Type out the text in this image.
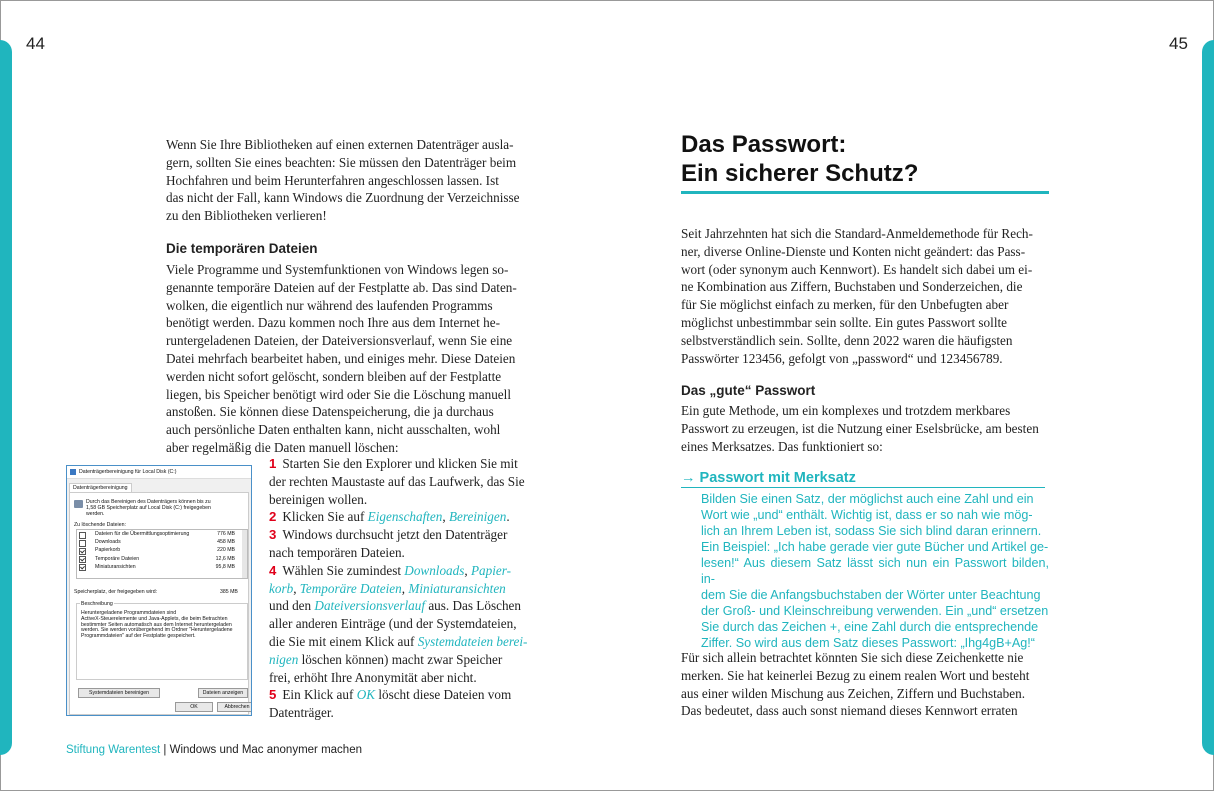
44	45

Wenn Sie Ihre Bibliotheken auf einen externen Datenträger ausla-

gern, sollten Sie eines beachten: Sie müssen den Datenträger beim

Hochfahren und beim Herunterfahren angeschlossen lassen. Ist

das nicht der Fall, kann Windows die Zuordnung der Verzeichnisse

zu den Bibliotheken verlieren!

Die temporären Dateien

Viele Programme und Systemfunktionen von Windows legen so-

genannte temporäre Dateien auf der Festplatte ab. Das sind Daten-

wolken, die eigentlich nur während des laufenden Programms

benötigt werden. Dazu kommen noch Ihre aus dem Internet he-

runtergeladenen Dateien, der Dateiversionsverlauf, wenn Sie eine

Datei mehrfach bearbeitet haben, und einiges mehr. Diese Dateien

werden nicht sofort gelöscht, sondern bleiben auf der Festplatte

liegen, bis Speicher benötigt wird oder Sie die Löschung manuell

anstoßen. Sie können diese Datenspeicherung, die ja durchaus

auch persönliche Daten enthalten kann, nicht ausschalten, wohl

aber regelmäßig die Daten manuell löschen:

1 Starten Sie den Explorer und klicken Sie mit

der rechten Maustaste auf das Laufwerk, das Sie

bereinigen wollen.

2 Klicken Sie auf Eigenschaften, Bereinigen.

3 Windows durchsucht jetzt den Datenträger

nach temporären Dateien.

4 Wählen Sie zumindest Downloads, Papier-

korb, Temporäre Dateien, Miniaturansichten

und den Dateiversionsverlauf aus. Das Löschen

aller anderen Einträge (und der Systemdateien,

die Sie mit einem Klick auf Systemdateien berei-

nigen löschen können) macht zwar Speicher

frei, erhöht Ihre Anonymität aber nicht.

5 Ein Klick auf OK löscht diese Dateien vom

Datenträger.

Datenträgerbereinigung für Local Disk (C:)
Datenträgerbereinigung
Durch das Bereinigen des Datenträgers können bis zu
1,58 GB Speicherplatz auf Local Disk (C:) freigegeben
werden.
Zu löschende Dateien:
Dateien für die Übermittlungsoptimierung	776 MB
Downloads	458 MB
Papierkorb	220 MB
Temporäre Dateien	12,6 MB
Miniaturansichten	95,8 MB
Speicherplatz, der freigegeben wird:	385 MB
Beschreibung
Heruntergeladene Programmdateien sind
ActiveX-Steuerelemente und Java-Applets, die beim Betrachten
bestimmter Seiten automatisch aus dem Internet heruntergeladen
werden. Sie werden vorübergehend im Ordner "Heruntergeladene
Programmdateien" auf der Festplatte gespeichert.
Systemdateien bereinigen	Dateien anzeigen
OK	Abbrechen
Das Passwort:
Ein sicherer Schutz?

Seit Jahrzehnten hat sich die Standard-Anmeldemethode für Rech-

ner, diverse Online-Dienste und Konten nicht geändert: das Pass-

wort (oder synonym auch Kennwort). Es handelt sich dabei um ei-

ne Kombination aus Ziffern, Buchstaben und Sonderzeichen, die

für Sie möglichst einfach zu merken, für den Unbefugten aber

möglichst unbestimmbar sein sollte. Ein gutes Passwort sollte

selbstverständlich sein. Sollte, denn 2022 waren die häufigsten

Passwörter 123456, gefolgt von „password“ und 123456789.

Das „gute“ Passwort

Ein gute Methode, um ein komplexes und trotzdem merkbares

Passwort zu erzeugen, ist die Nutzung einer Eselsbrücke, am besten

eines Merksatzes. Das funktioniert so:

→ Passwort mit Merksatz
Bilden Sie einen Satz, der möglichst auch eine Zahl und ein
Wort wie „und“ enthält. Wichtig ist, dass er so nah wie mög-
lich an Ihrem Leben ist, sodass Sie sich blind daran erinnern.
Ein Beispiel: „Ich habe gerade vier gute Bücher und Artikel ge-
lesen!“ Aus diesem Satz lässt sich nun ein Passwort bilden, in-
dem Sie die Anfangsbuchstaben der Wörter unter Beachtung
der Groß- und Kleinschreibung verwenden. Ein „und“ ersetzen
Sie durch das Zeichen +, eine Zahl durch die entsprechende
Ziffer. So wird aus dem Satz dieses Passwort: „Ihg4gB+Ag!“

Für sich allein betrachtet könnten Sie sich diese Zeichenkette nie

merken. Sie hat keinerlei Bezug zu einem realen Wort und besteht

aus einer wilden Mischung aus Zeichen, Ziffern und Buchstaben.

Das bedeutet, dass auch sonst niemand dieses Kennwort erraten

Stiftung Warentest | Windows und Mac anonymer machen
